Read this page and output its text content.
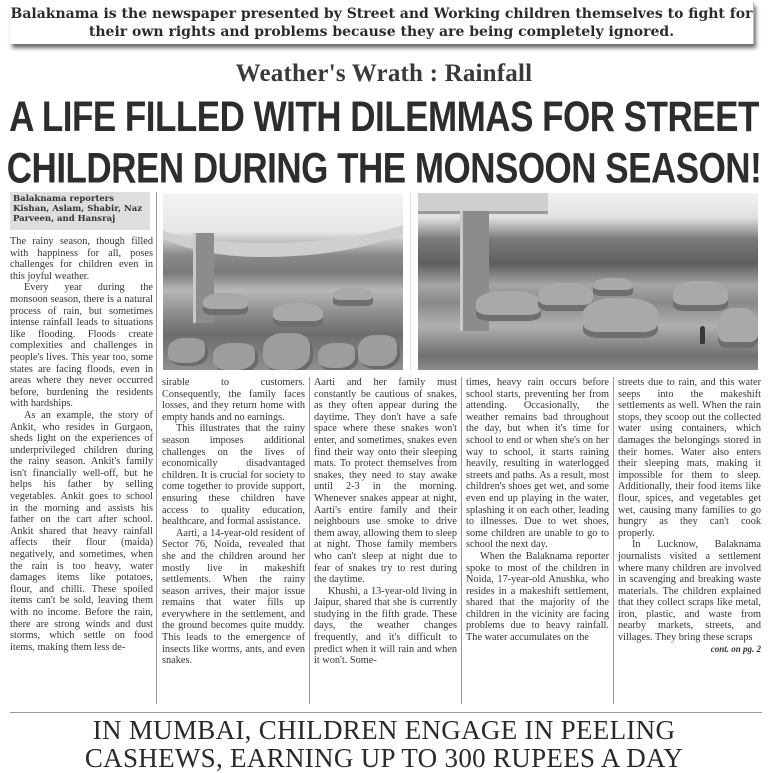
Balaknama is the newspaper presented by Street and Working children themselves to fight for
their own rights and problems because they are being completely ignored.
Weather's Wrath : Rainfall
A LIFE FILLED WITH DILEMMAS FOR STREET
CHILDREN DURING THE MONSOON SEASON!
Balaknama reporters Kishan, Aslam, Shabir, Naz Parveen, and Hansraj

The rainy season, though filled with happiness for all, poses challenges for children even in this joyful weather.

Every year during the monsoon season, there is a natural process of rain, but sometimes intense rainfall leads to situations like flooding. Floods create complexities and challenges in people's lives. This year too, some states are facing floods, even in areas where they never occurred before, burdening the residents with hardships.

As an example, the story of Ankit, who resides in Gurgaon, sheds light on the experiences of underprivileged children during the rainy season. Ankit's family isn't financially well-off, but he helps his father by selling vegetables. Ankit goes to school in the morning and assists his father on the cart after school. Ankit shared that heavy rainfall affects their flour (maida) negatively, and sometimes, when the rain is too heavy, water damages items like potatoes, flour, and chilli. These spoiled items can't be sold, leaving them with no income. Before the rain, there are strong winds and dust storms, which settle on food items, making them less de-

sirable to customers. Consequently, the family faces losses, and they return home with empty hands and no earnings.

This illustrates that the rainy season imposes additional challenges on the lives of economically disadvantaged children. It is crucial for society to come together to provide support, ensuring these children have access to quality education, healthcare, and formal assistance.

Aarti, a 14-year-old resident of Sector 76, Noida, revealed that she and the children around her mostly live in makeshift settlements. When the rainy season arrives, their major issue remains that water fills up everywhere in the settlement, and the ground becomes quite muddy. This leads to the emergence of insects like worms, ants, and even snakes.

Aarti and her family must constantly be cautious of snakes, as they often appear during the daytime. They don't have a safe space where these snakes won't enter, and sometimes, snakes even find their way onto their sleeping mats. To protect themselves from snakes, they need to stay awake until 2-3 in the morning. Whenever snakes appear at night, Aarti's entire family and their neighbours use smoke to drive them away, allowing them to sleep at night. Those family members who can't sleep at night due to fear of snakes try to rest during the daytime.

Khushi, a 13-year-old living in Jaipur, shared that she is currently studying in the fifth grade. These days, the weather changes frequently, and it's difficult to predict when it will rain and when it won't. Some-

times, heavy rain occurs before school starts, preventing her from attending. Occasionally, the weather remains bad throughout the day, but when it's time for school to end or when she's on her way to school, it starts raining heavily, resulting in waterlogged streets and paths. As a result, most children's shoes get wet, and some even end up playing in the water, splashing it on each other, leading to illnesses. Due to wet shoes, some children are unable to go to school the next day.

When the Balaknama reporter spoke to most of the children in Noida, 17-year-old Anushka, who resides in a makeshift settlement, shared that the majority of the children in the vicinity are facing problems due to heavy rainfall. The water accumulates on the

streets due to rain, and this water seeps into the makeshift settlements as well. When the rain stops, they scoop out the collected water using containers, which damages the belongings stored in their homes. Water also enters their sleeping mats, making it impossible for them to sleep. Additionally, their food items like flour, spices, and vegetables get wet, causing many families to go hungry as they can't cook properly.

In Lucknow, Balaknama journalists visited a settlement where many children are involved in scavenging and breaking waste materials. The children explained that they collect scraps like metal, iron, plastic, and waste from nearby markets, streets, and villages. They bring these scraps

cont. on pg. 2
IN MUMBAI, CHILDREN ENGAGE IN PEELING
CASHEWS, EARNING UP TO 300 RUPEES A DAY
